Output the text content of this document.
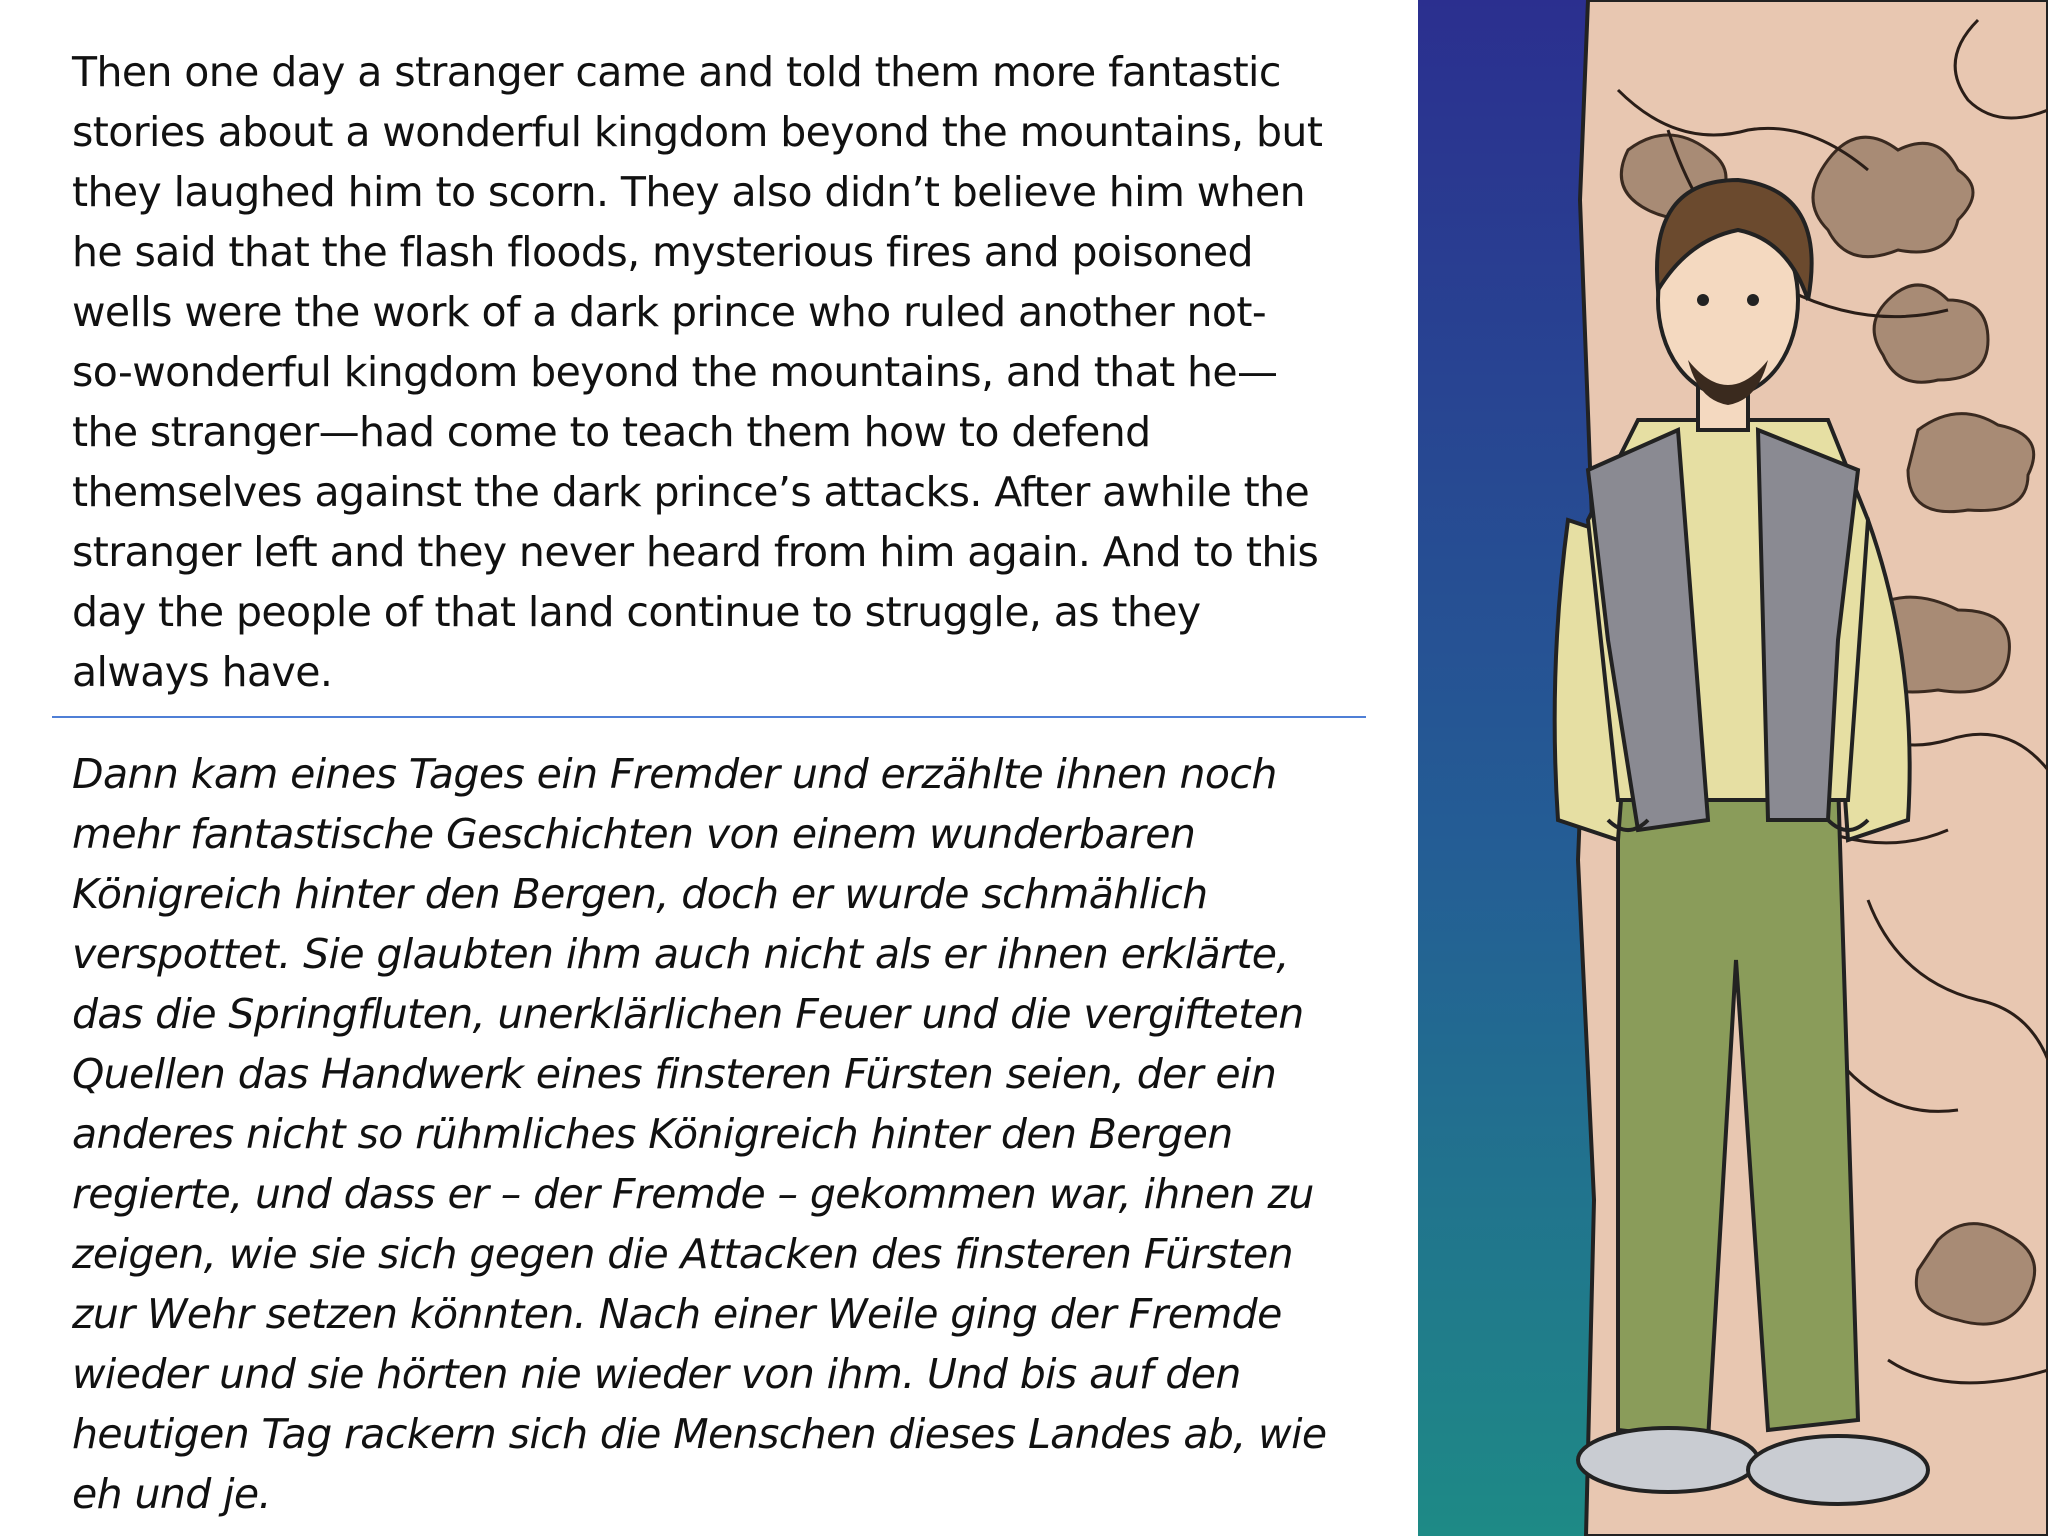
Then one day a stranger came and told them more fantastic
stories about a wonderful kingdom beyond the mountains, but
they laughed him to scorn. They also didn’t believe him when
he said that the flash floods, mysterious fires and poisoned
wells were the work of a dark prince who ruled another not-
so-wonderful kingdom beyond the mountains, and that he—
the stranger—had come to teach them how to defend
themselves against the dark prince’s attacks. After awhile the
stranger left and they never heard from him again. And to this
day the people of that land continue to struggle, as they
always have.

Dann kam eines Tages ein Fremder und erzählte ihnen noch
mehr fantastische Geschichten von einem wunderbaren
Königreich hinter den Bergen, doch er wurde schmählich
verspottet. Sie glaubten ihm auch nicht als er ihnen erklärte,
das die Springfluten, unerklärlichen Feuer und die vergifteten
Quellen das Handwerk eines finsteren Fürsten seien, der ein
anderes nicht so rühmliches Königreich hinter den Bergen
regierte, und dass er – der Fremde – gekommen war, ihnen zu
zeigen, wie sie sich gegen die Attacken des finsteren Fürsten
zur Wehr setzen könnten. Nach einer Weile ging der Fremde
wieder und sie hörten nie wieder von ihm. Und bis auf den
heutigen Tag rackern sich die Menschen dieses Landes ab, wie
eh und je.
